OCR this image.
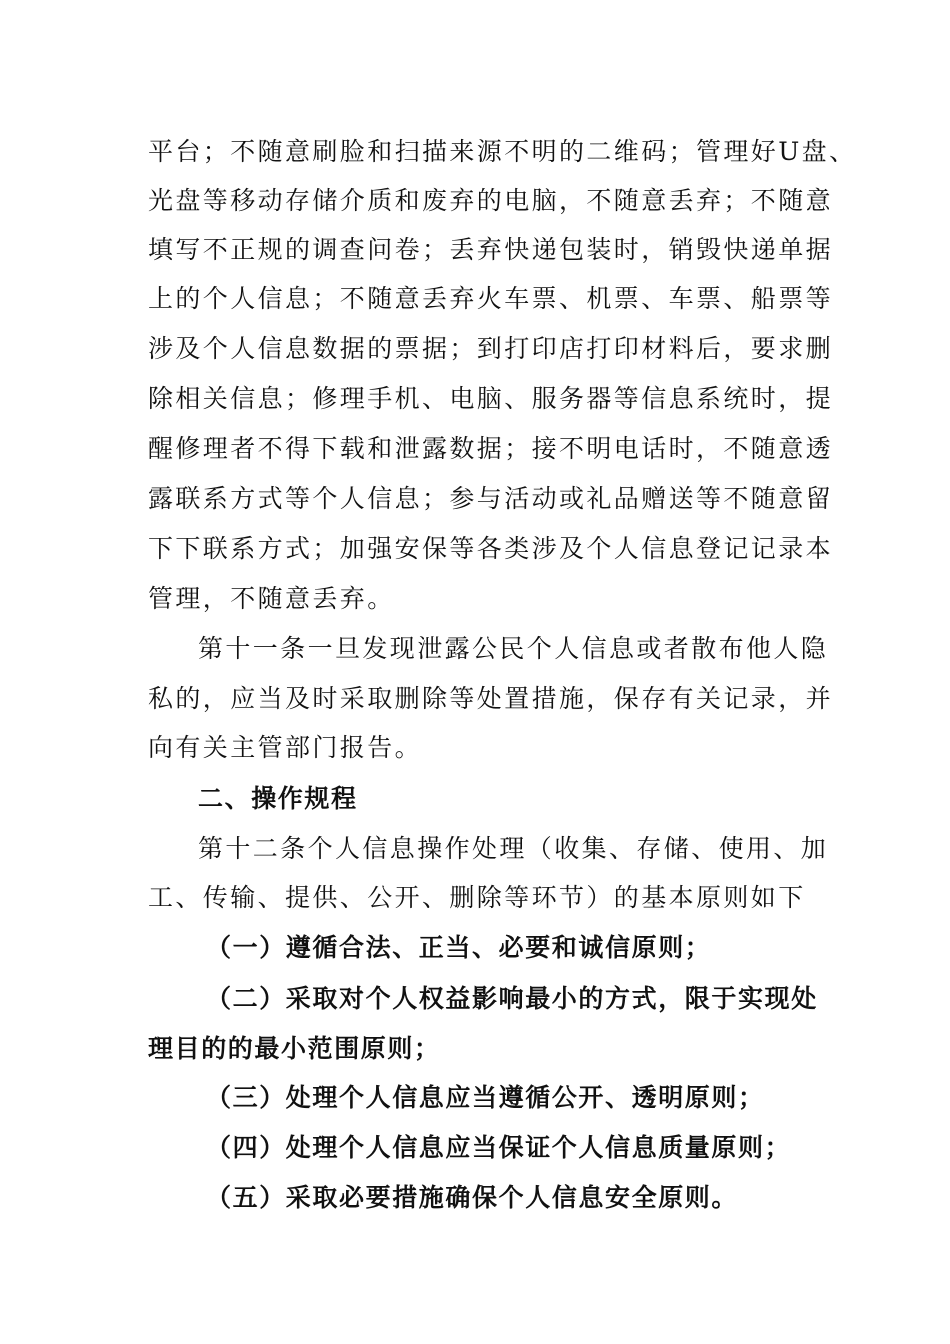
平台；不随意刷脸和扫描来源不明的二维码；管理好U盘、
光盘等移动存储介质和废弃的电脑，不随意丢弃；不随意
填写不正规的调查问卷；丢弃快递包装时，销毁快递单据
上的个人信息；不随意丢弃火车票、机票、车票、船票等
涉及个人信息数据的票据；到打印店打印材料后，要求删
除相关信息；修理手机、电脑、服务器等信息系统时，提
醒修理者不得下载和泄露数据；接不明电话时，不随意透
露联系方式等个人信息；参与活动或礼品赠送等不随意留
下下联系方式；加强安保等各类涉及个人信息登记记录本
管理，不随意丢弃。
第十一条一旦发现泄露公民个人信息或者散布他人隐
私的，应当及时采取删除等处置措施，保存有关记录，并
向有关主管部门报告。
二、操作规程
第十二条个人信息操作处理（收集、存储、使用、加
工、传输、提供、公开、删除等环节）的基本原则如下
（一）遵循合法、正当、必要和诚信原则；
（二）采取对个人权益影响最小的方式，限于实现处
理目的的最小范围原则；
（三）处理个人信息应当遵循公开、透明原则；
（四）处理个人信息应当保证个人信息质量原则；
（五）采取必要措施确保个人信息安全原则。
